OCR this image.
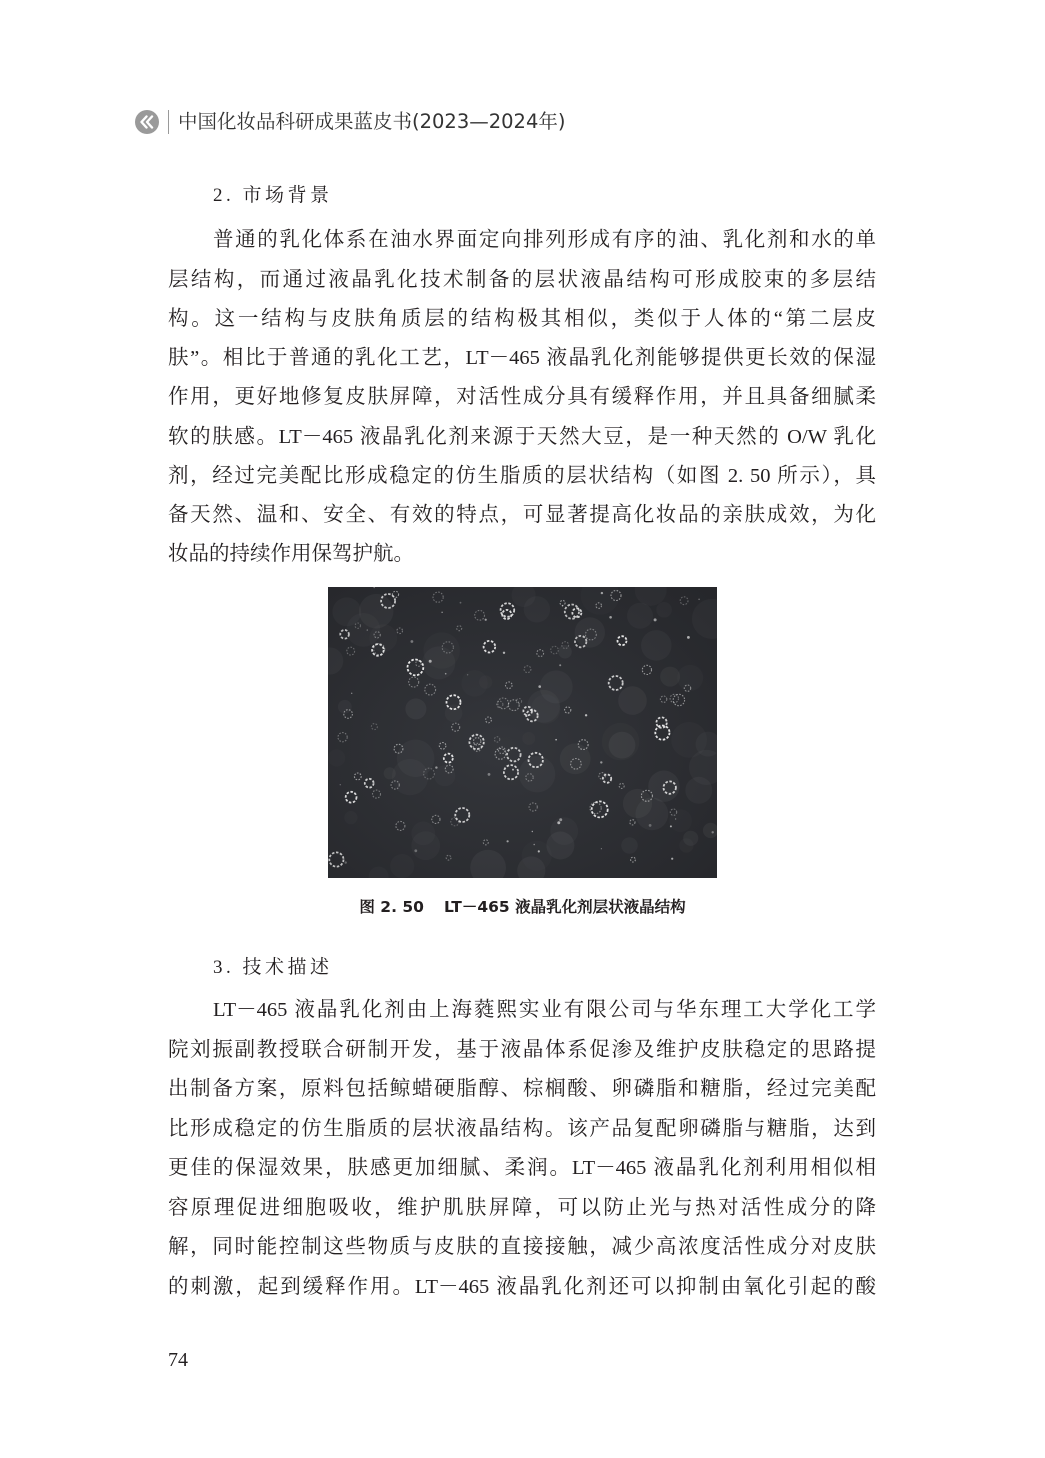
中国化妆品科研成果蓝皮书(2023—2024年)
2. 市场背景
普通的乳化体系在油水界面定向排列形成有序的油、乳化剂和水的单
层结构，而通过液晶乳化技术制备的层状液晶结构可形成胶束的多层结
构。这一结构与皮肤角质层的结构极其相似，类似于人体的“第二层皮
肤”。相比于普通的乳化工艺，LT－465 液晶乳化剂能够提供更长效的保湿
作用，更好地修复皮肤屏障，对活性成分具有缓释作用，并且具备细腻柔
软的肤感。LT－465 液晶乳化剂来源于天然大豆，是一种天然的 O/W 乳化
剂，经过完美配比形成稳定的仿生脂质的层状结构（如图 2. 50 所示），具
备天然、温和、安全、有效的特点，可显著提高化妆品的亲肤成效，为化
妆品的持续作用保驾护航。
图 2. 50 LT－465 液晶乳化剂层状液晶结构
3. 技术描述
LT－465 液晶乳化剂由上海蕤熙实业有限公司与华东理工大学化工学
院刘振副教授联合研制开发，基于液晶体系促渗及维护皮肤稳定的思路提
出制备方案，原料包括鲸蜡硬脂醇、棕榈酸、卵磷脂和糖脂，经过完美配
比形成稳定的仿生脂质的层状液晶结构。该产品复配卵磷脂与糖脂，达到
更佳的保湿效果，肤感更加细腻、柔润。LT－465 液晶乳化剂利用相似相
容原理促进细胞吸收，维护肌肤屏障，可以防止光与热对活性成分的降
解，同时能控制这些物质与皮肤的直接接触，减少高浓度活性成分对皮肤
的刺激，起到缓释作用。LT－465 液晶乳化剂还可以抑制由氧化引起的酸
74
